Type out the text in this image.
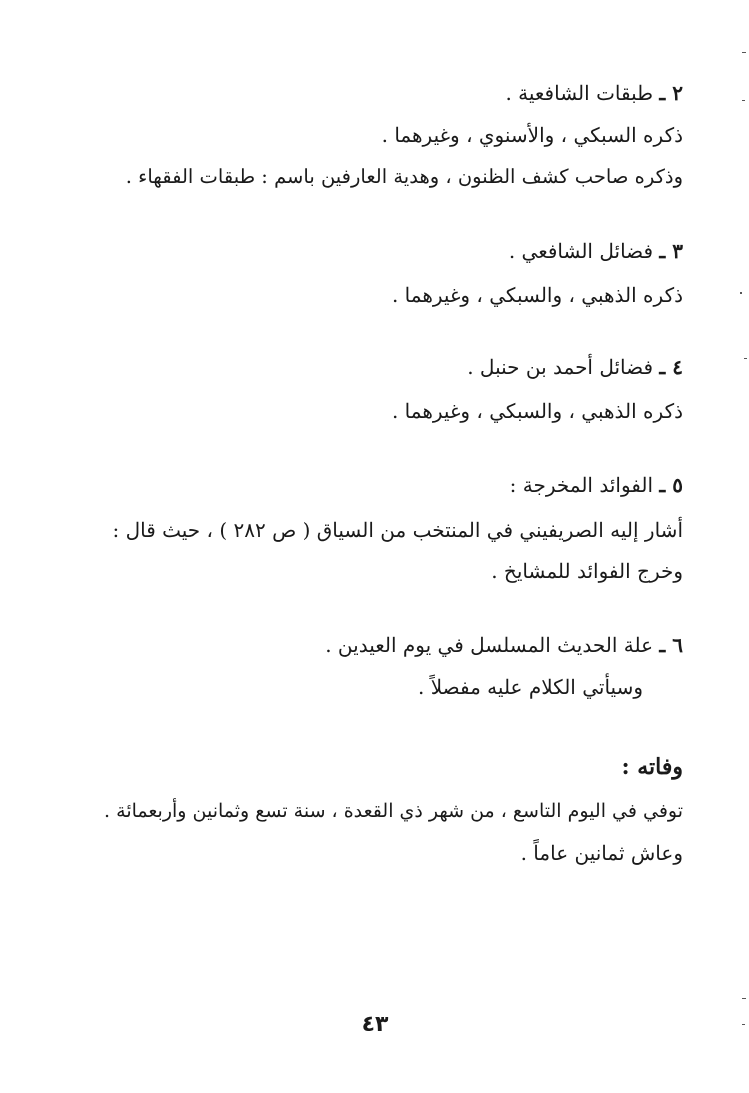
٢ ـ طبقات الشافعية .
ذكره السبكي ، والأسنوي ، وغيرهما .
وذكره صاحب كشف الظنون ، وهدية العارفين باسم : طبقات الفقهاء .
٣ ـ فضائل الشافعي .
ذكره الذهبي ، والسبكي ، وغيرهما .
٤ ـ فضائل أحمد بن حنبل .
ذكره الذهبي ، والسبكي ، وغيرهما .
٥ ـ الفوائد المخرجة :
أشار إليه الصريفيني في المنتخب من السياق ( ص ٢٨٢ ) ، حيث قال :
وخرج الفوائد للمشايخ .
٦ ـ علة الحديث المسلسل في يوم العيدين .
وسيأتي الكلام عليه مفصلاً .
وفاته :
توفي في اليوم التاسع ، من شهر ذي القعدة ، سنة تسع وثمانين وأربعمائة .
وعاش ثمانين عاماً .
٤٣
